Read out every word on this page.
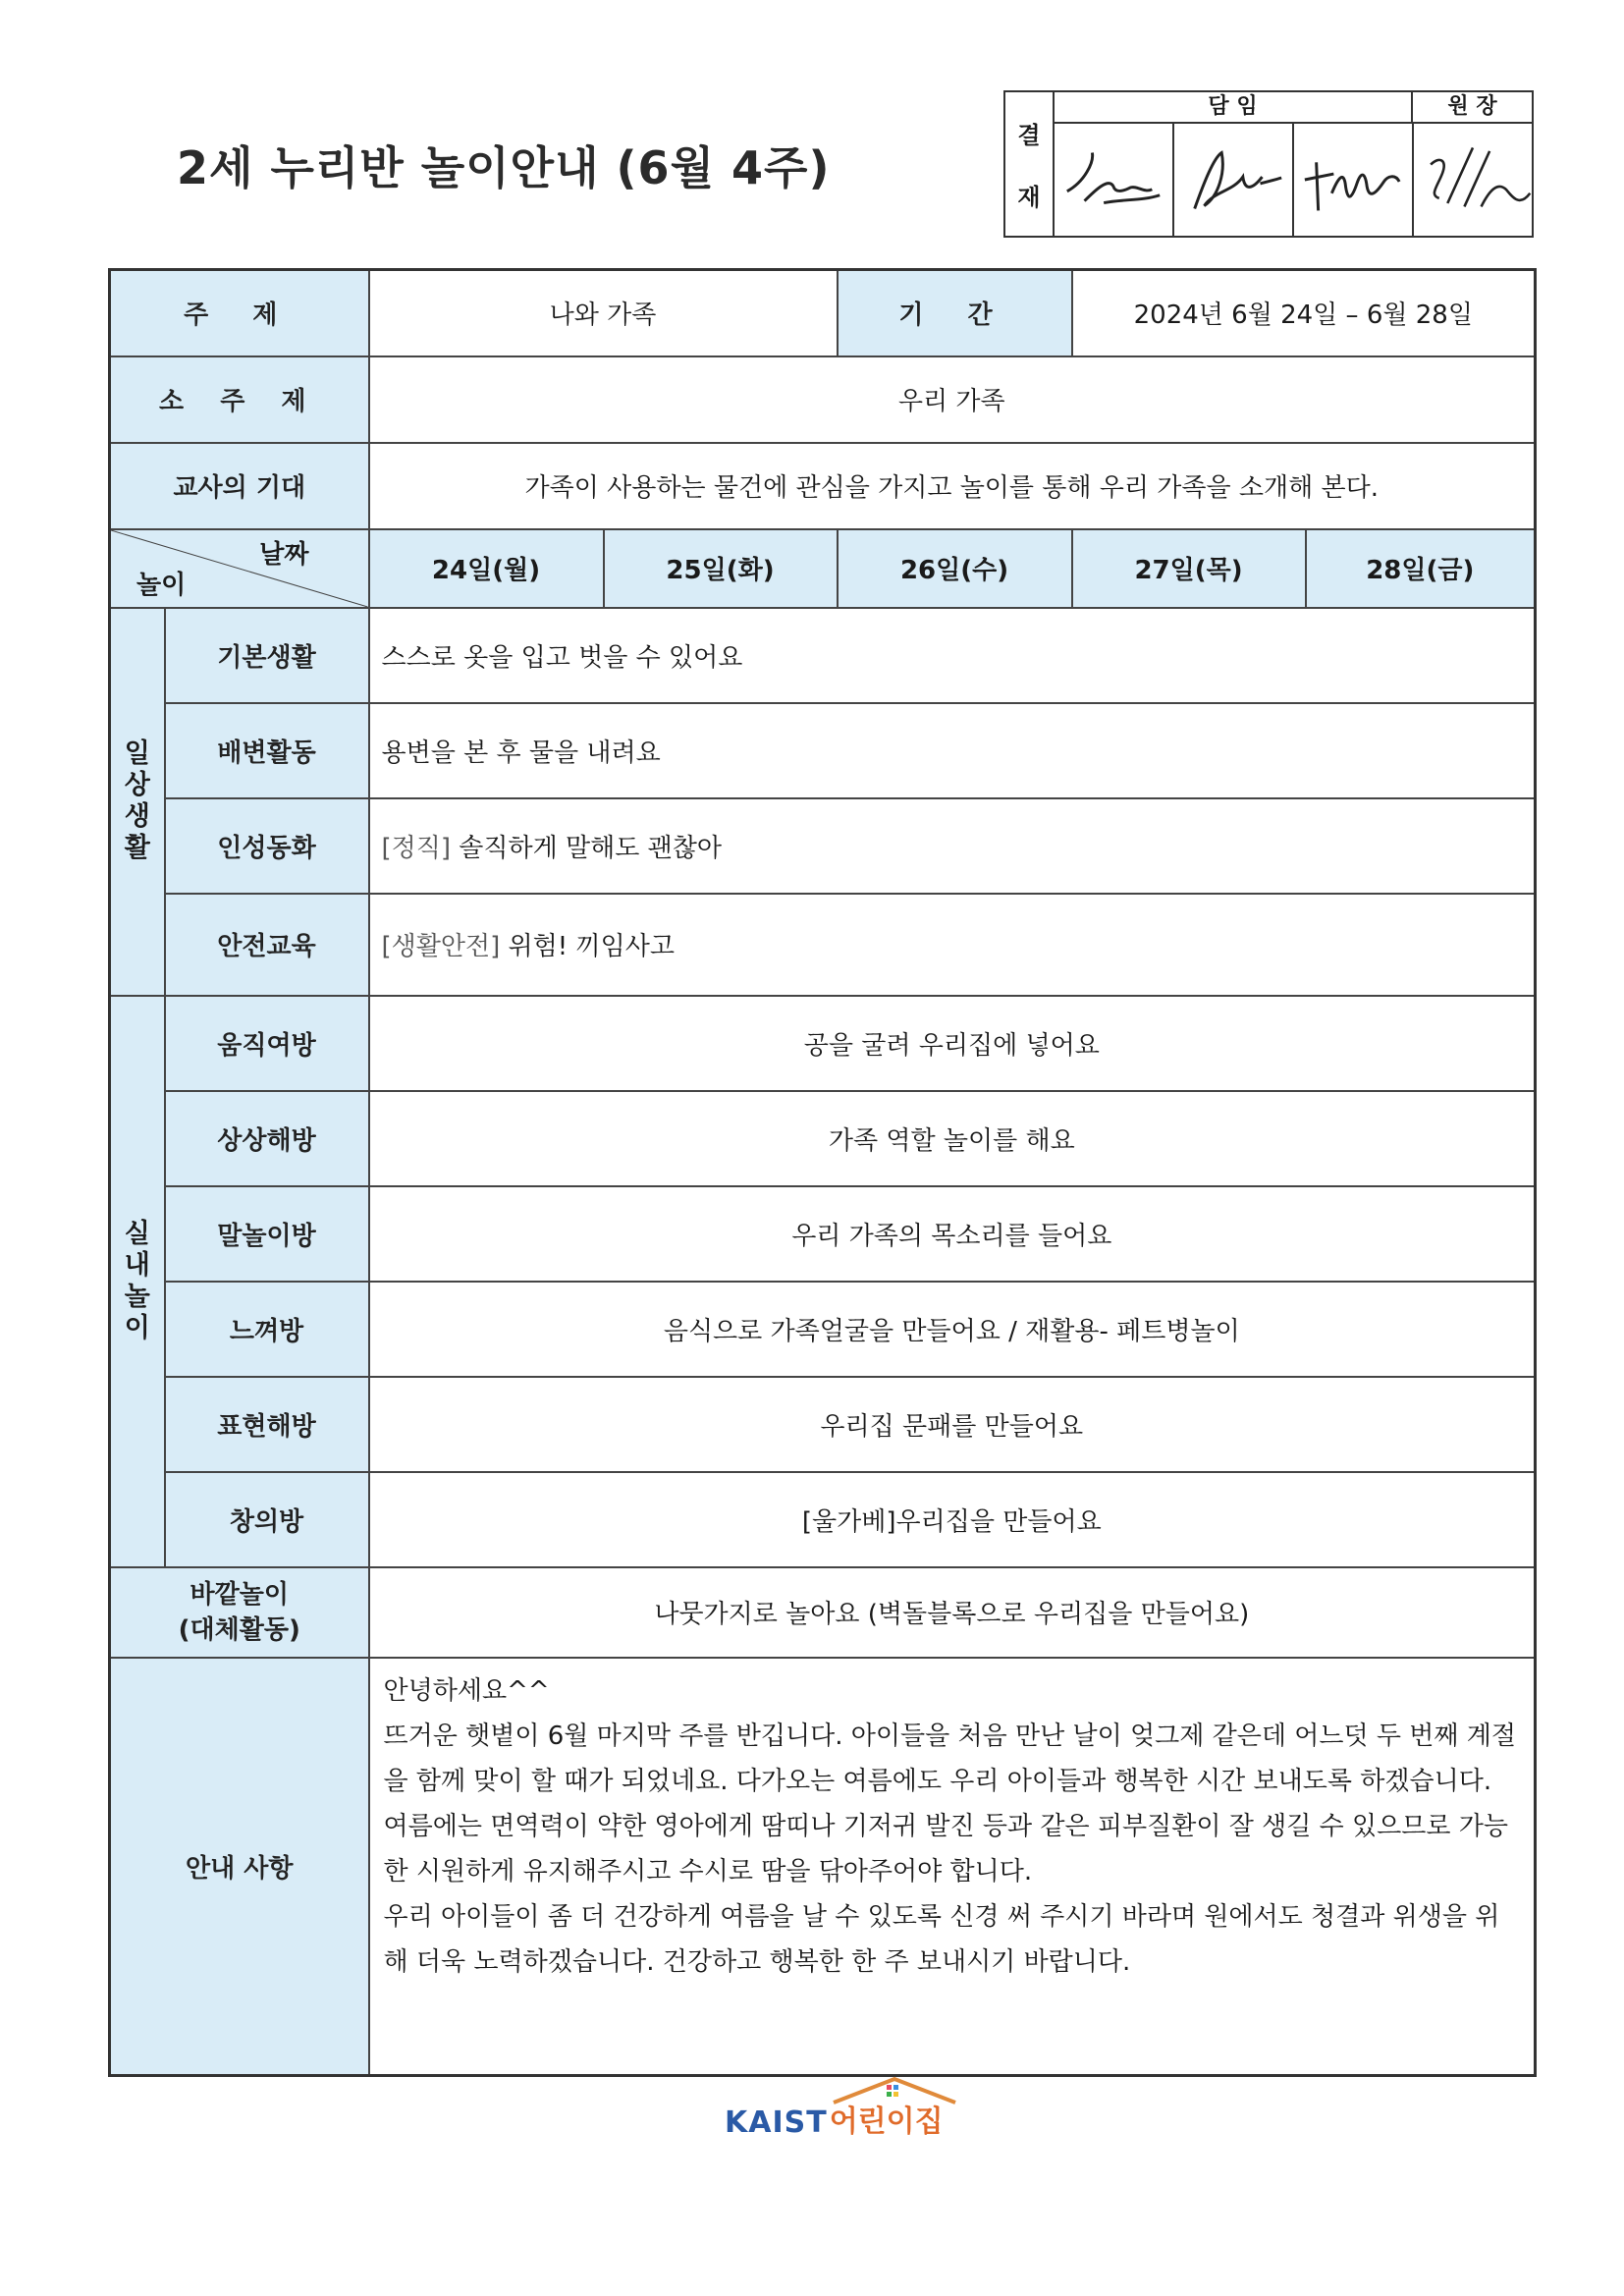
2세 누리반 놀이안내 (6월 4주)
결
재
담 임	원 장
주 제		나와 가족		기 간	2024년 6월 24일 – 6월 28일	
소 주 제		우리 가족				
교사의 기대		가족이 사용하는 물건에 관심을 가지고 놀이를 통해 우리 가족을 소개해 본다.				

날짜
놀이		24일(월)	25일(화)	26일(수)	27일(목)	28일(금)

일
상
생
활	기본생활	스스로 옷을 입고 벗을 수 있어요				
	배변활동	용변을 본 후 물을 내려요				
	인성동화	[정직] 솔직하게 말해도 괜찮아				
	안전교육	[생활안전] 위험! 끼임사고				

실
내
놀
이	움직여방	공을 굴려 우리집에 넣어요				
	상상해방	가족 역할 놀이를 해요				
	말놀이방	우리 가족의 목소리를 들어요				
	느껴방	음식으로 가족얼굴을 만들어요 / 재활용- 페트병놀이				
	표현해방	우리집 문패를 만들어요				
	창의방	[울가베]우리집을 만들어요				

바깥놀이
(대체활동)		나뭇가지로 놀아요 (벽돌블록으로 우리집을 만들어요)				
안내 사항		안녕하세요^^

뜨거운 햇볕이 6월 마지막 주를 반깁니다. 아이들을 처음 만난 날이 엊그제 같은데 어느덧 두 번째 계절을 함께 맞이 할 때가 되었네요. 다가오는 여름에도 우리 아이들과 행복한 시간 보내도록 하겠습니다.

여름에는 면역력이 약한 영아에게 땀띠나 기저귀 발진 등과 같은 피부질환이 잘 생길 수 있으므로 가능한 시원하게 유지해주시고 수시로 땀을 닦아주어야 합니다.

우리 아이들이 좀 더 건강하게 여름을 날 수 있도록 신경 써 주시기 바라며 원에서도 청결과 위생을 위해 더욱 노력하겠습니다. 건강하고 행복한 한 주 보내시기 바랍니다.				

KAIST 어린이집
